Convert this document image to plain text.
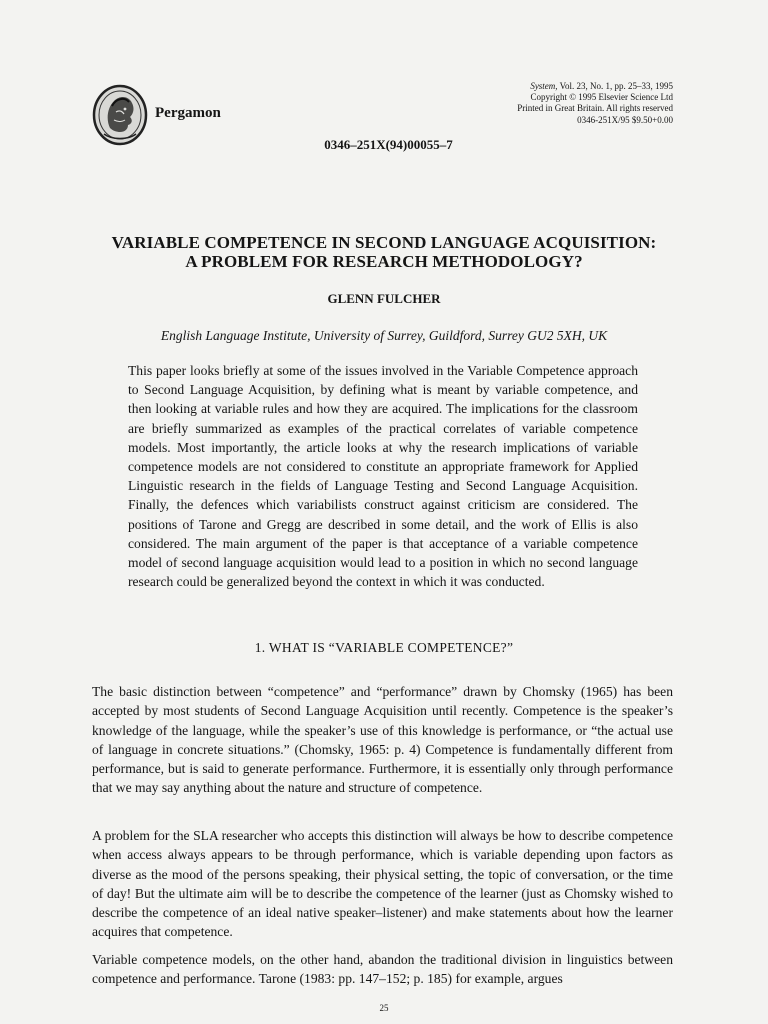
Pergamon
System, Vol. 23, No. 1, pp. 25–33, 1995
Copyright © 1995 Elsevier Science Ltd
Printed in Great Britain. All rights reserved
0346-251X/95 $9.50+0.00
0346–251X(94)00055–7
VARIABLE COMPETENCE IN SECOND LANGUAGE ACQUISITION:
A PROBLEM FOR RESEARCH METHODOLOGY?
GLENN FULCHER
English Language Institute, University of Surrey, Guildford, Surrey GU2 5XH, UK
This paper looks briefly at some of the issues involved in the Variable Competence approach to Second Language Acquisition, by defining what is meant by variable competence, and then looking at variable rules and how they are acquired. The implications for the classroom are briefly summarized as examples of the practical correlates of variable competence models. Most importantly, the article looks at why the research implications of variable competence models are not considered to constitute an appropriate framework for Applied Linguistic research in the fields of Language Testing and Second Language Acquisition. Finally, the defences which variabilists construct against criticism are considered. The positions of Tarone and Gregg are described in some detail, and the work of Ellis is also considered. The main argument of the paper is that acceptance of a variable competence model of second language acquisition would lead to a position in which no second language research could be generalized beyond the context in which it was conducted.
1. WHAT IS “VARIABLE COMPETENCE?”
The basic distinction between “competence” and “performance” drawn by Chomsky (1965) has been accepted by most students of Second Language Acquisition until recently. Competence is the speaker’s knowledge of the language, while the speaker’s use of this knowledge is performance, or “the actual use of language in concrete situations.” (Chomsky, 1965: p. 4) Competence is fundamentally different from performance, but is said to generate performance. Furthermore, it is essentially only through performance that we may say anything about the nature and structure of competence.
A problem for the SLA researcher who accepts this distinction will always be how to describe competence when access always appears to be through performance, which is variable depending upon factors as diverse as the mood of the persons speaking, their physical setting, the topic of conversation, or the time of day! But the ultimate aim will be to describe the competence of the learner (just as Chomsky wished to describe the competence of an ideal native speaker–listener) and make statements about how the learner acquires that competence.
Variable competence models, on the other hand, abandon the traditional division in linguistics between competence and performance. Tarone (1983: pp. 147–152; p. 185) for example, argues
25
